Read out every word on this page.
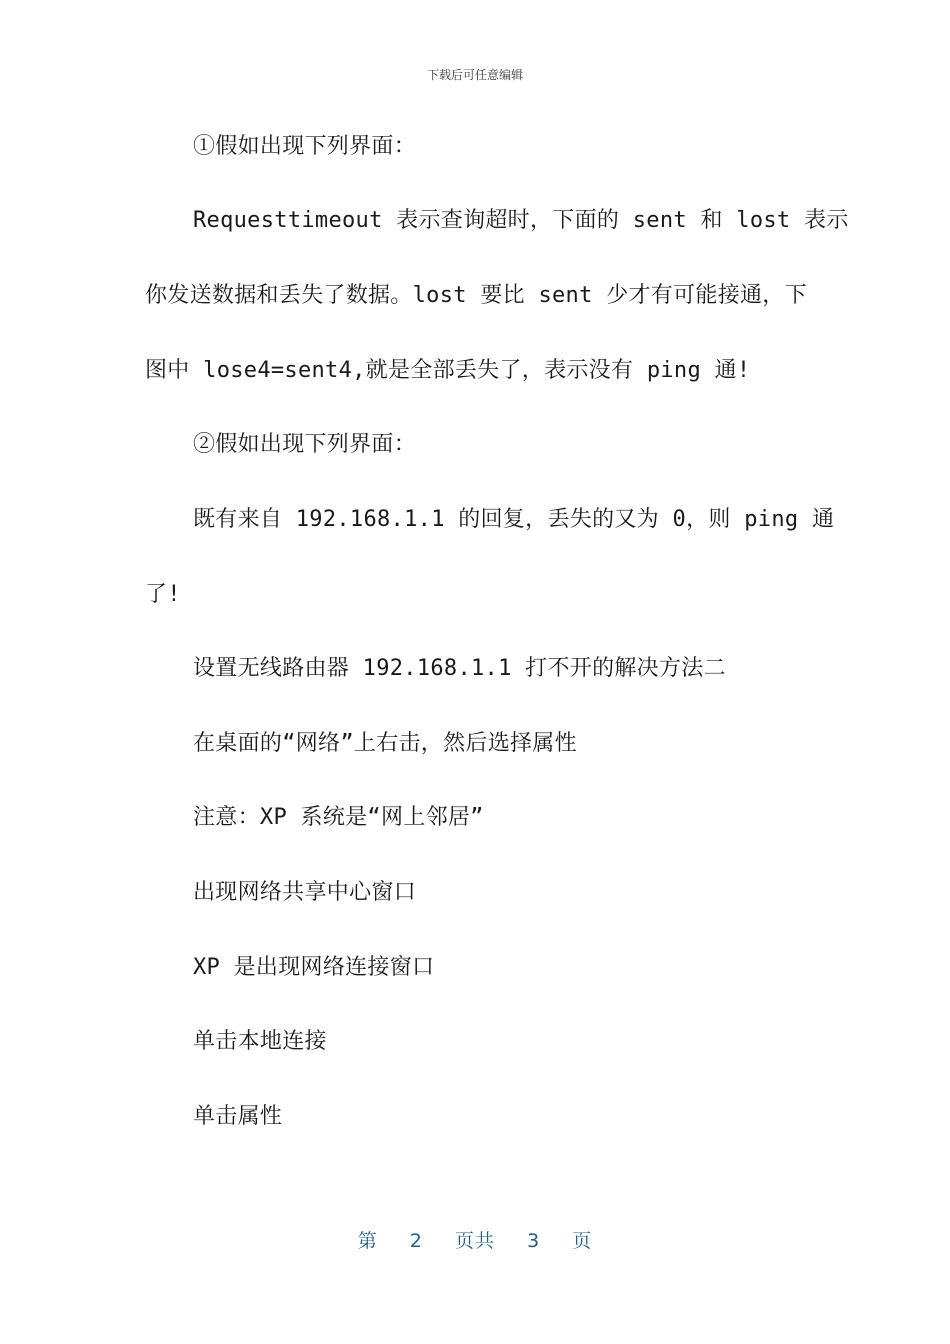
下载后可任意编辑
①假如出现下列界面：
Requesttimeout 表示查询超时，下面的 sent 和 lost 表示
你发送数据和丢失了数据。lost 要比 sent 少才有可能接通，下
图中 lose4=sent4,就是全部丢失了，表示没有 ping 通!
②假如出现下列界面：
既有来自 192.168.1.1 的回复，丢失的又为 0，则 ping 通
了!
设置无线路由器 192.168.1.1 打不开的解决方法二
在桌面的“网络”上右击，然后选择属性
注意：XP 系统是“网上邻居”
出现网络共享中心窗口
XP 是出现网络连接窗口
单击本地连接
单击属性
第 2 页共 3 页
